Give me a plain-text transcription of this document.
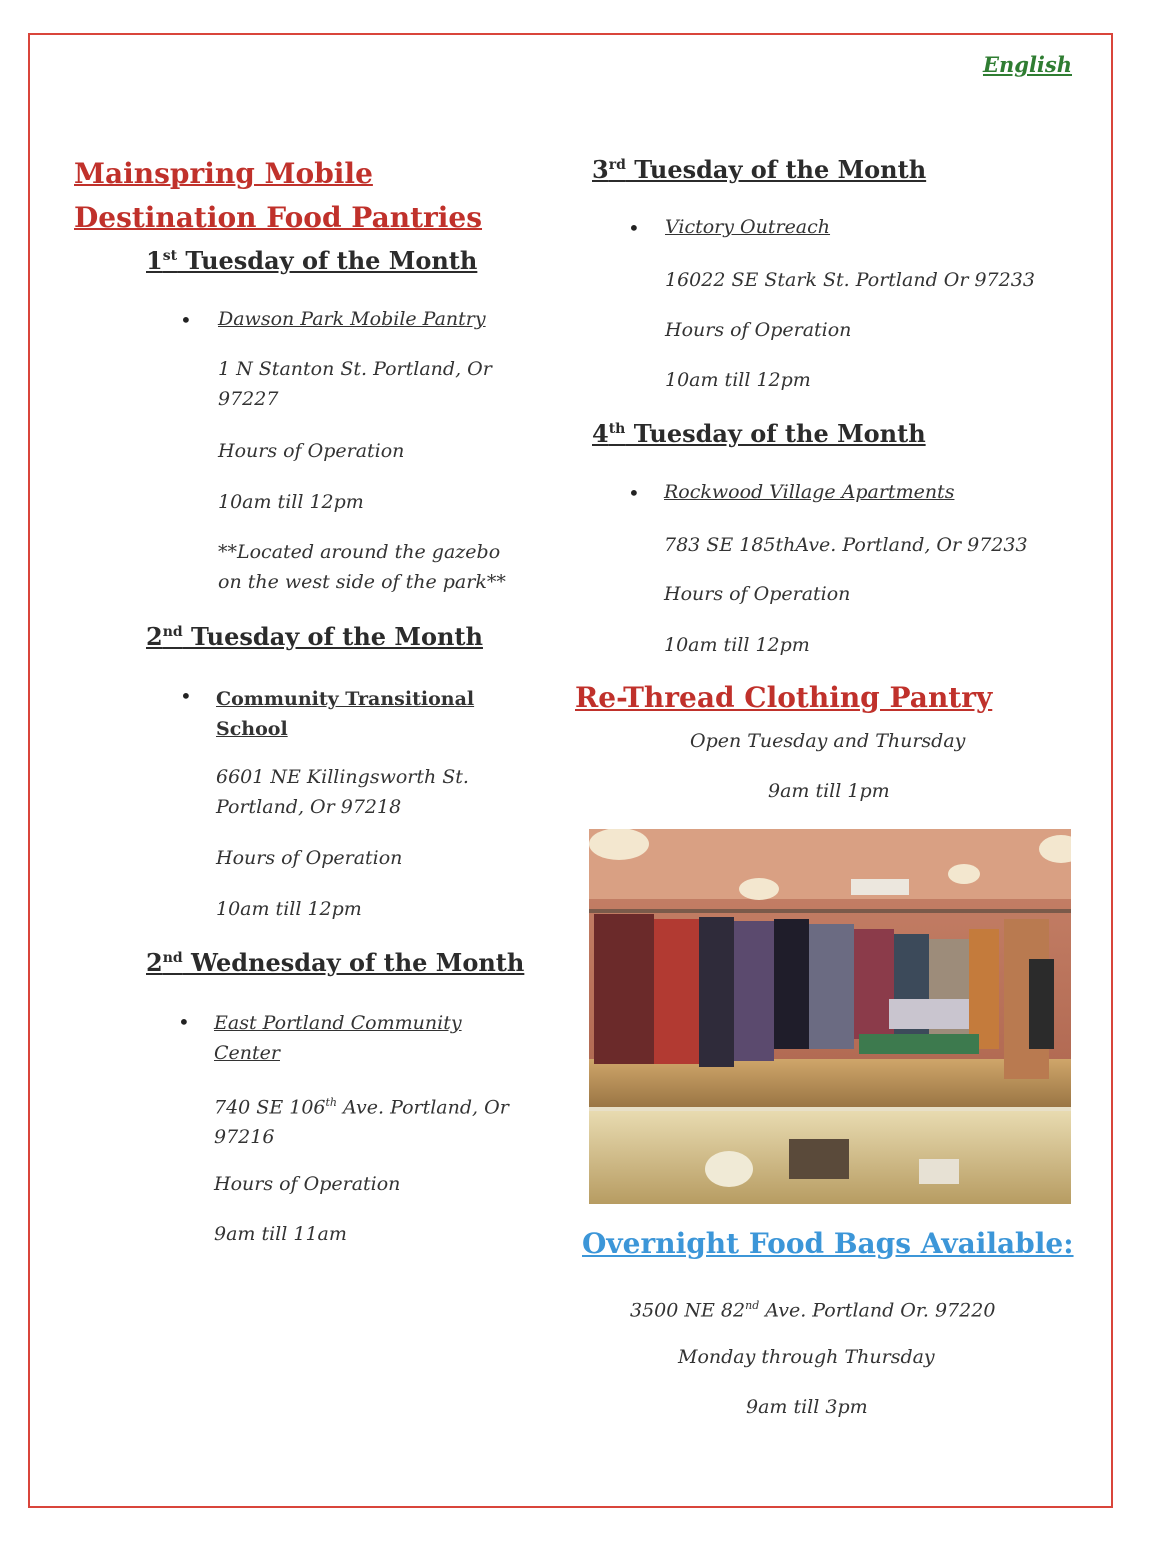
English
Mainspring Mobile
Destination Food Pantries
1st Tuesday of the Month
• Dawson Park Mobile Pantry
1 N Stanton St. Portland, Or
97227
Hours of Operation
10am till 12pm
**Located around the gazebo
on the west side of the park**
2nd Tuesday of the Month
• Community Transitional
School
6601 NE Killingsworth St.
Portland, Or 97218
Hours of Operation
10am till 12pm
2nd Wednesday of the Month
• East Portland Community
Center
740 SE 106th Ave. Portland, Or
97216
Hours of Operation
9am till 11am
3rd Tuesday of the Month
• Victory Outreach
16022 SE Stark St. Portland Or 97233
Hours of Operation
10am till 12pm
4th Tuesday of the Month
• Rockwood Village Apartments
783 SE 185thAve. Portland, Or 97233
Hours of Operation
10am till 12pm
Re-Thread Clothing Pantry
Open Tuesday and Thursday
9am till 1pm
Overnight Food Bags Available:
3500 NE 82nd Ave. Portland Or. 97220
Monday through Thursday
9am till 3pm
